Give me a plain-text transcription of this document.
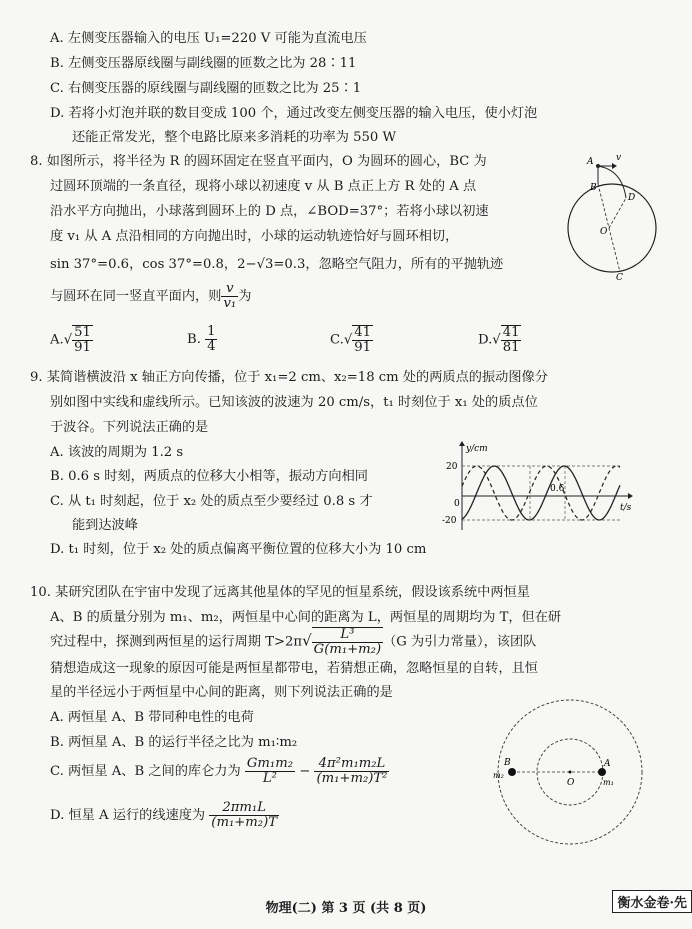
A. 左侧变压器输入的电压 U₁=220 V 可能为直流电压
B. 左侧变压器原线圈与副线圈的匝数之比为 28∶11
C. 右侧变压器的原线圈与副线圈的匝数之比为 25∶1
D. 若将小灯泡并联的数目变成 100 个，通过改变左侧变压器的输入电压，使小灯泡
还能正常发光，整个电路比原来多消耗的功率为 550 W
8. 如图所示，将半径为 R 的圆环固定在竖直平面内，O 为圆环的圆心，BC 为
过圆环顶端的一条直径，现将小球以初速度 v 从 B 点正上方 R 处的 A 点
沿水平方向抛出，小球落到圆环上的 D 点，∠BOD=37°；若将小球以初速
度 v₁ 从 A 点沿相同的方向抛出时，小球的运动轨迹恰好与圆环相切，
sin 37°=0.6，cos 37°=0.8，2−√3=0.3，忽略空气阻力，所有的平抛轨迹
与圆环在同一竖直平面内，则 $\frac{v}{\text{v₁}}$ 为
A	v
B
D
O
C
$A.√ \frac{51}{91}$	B. $\frac{1}{4}$	$C.√ \frac{41}{91}$	$D.√ \frac{41}{81}$
9. 某简谐横波沿 x 轴正方向传播，位于 x₁=2 cm、x₂=18 cm 处的两质点的振动图像分
别如图中实线和虚线所示。已知该波的波速为 20 cm/s，t₁ 时刻位于 x₁ 处的质点位
于波谷。下列说法正确的是
A. 该波的周期为 1.2 s
B. 0.6 s 时刻，两质点的位移大小相等，振动方向相同
C. 从 t₁ 时刻起，位于 x₂ 处的质点至少要经过 0.8 s 才
能到达波峰
D. t₁ 时刻，位于 x₂ 处的质点偏离平衡位置的位移大小为 10 cm
y/cm
t/s
20
-20
0
0.6
10. 某研究团队在宇宙中发现了远离其他星体的罕见的恒星系统，假设该系统中两恒星
A、B 的质量分别为 m₁、m₂，两恒星中心间的距离为 L，两恒星的周期均为 T，但在研
究过程中，探测到两恒星的运行周期 $T>2\pi√ \frac{\text{L³}}{\text{G(m₁+m₂)}} (G$ 为引力常量），该团队
猜想造成这一现象的原因可能是两恒星都带电，若猜想正确，忽略恒星的自转，且恒
星的半径远小于两恒星中心间的距离，则下列说法正确的是
A. 两恒星 A、B 带同种电性的电荷
B. 两恒星 A、B 的运行半径之比为 m₁∶m₂
C. 两恒星 A、B 之间的库仑力为 $\frac{\text{Gm₁m₂}}{\text{L²}} - \frac{\text{4π²m₁m₂L}}{\text{(m₁+m₂)T²}}$
D. 恒星 A 运行的线速度为 $\frac{\text{2πm₁L}}{\text{(m₁+m₂)T}}$
B
m₂
O
A
m₁
物理(二) 第 3 页 (共 8 页)	衡水金卷·先
